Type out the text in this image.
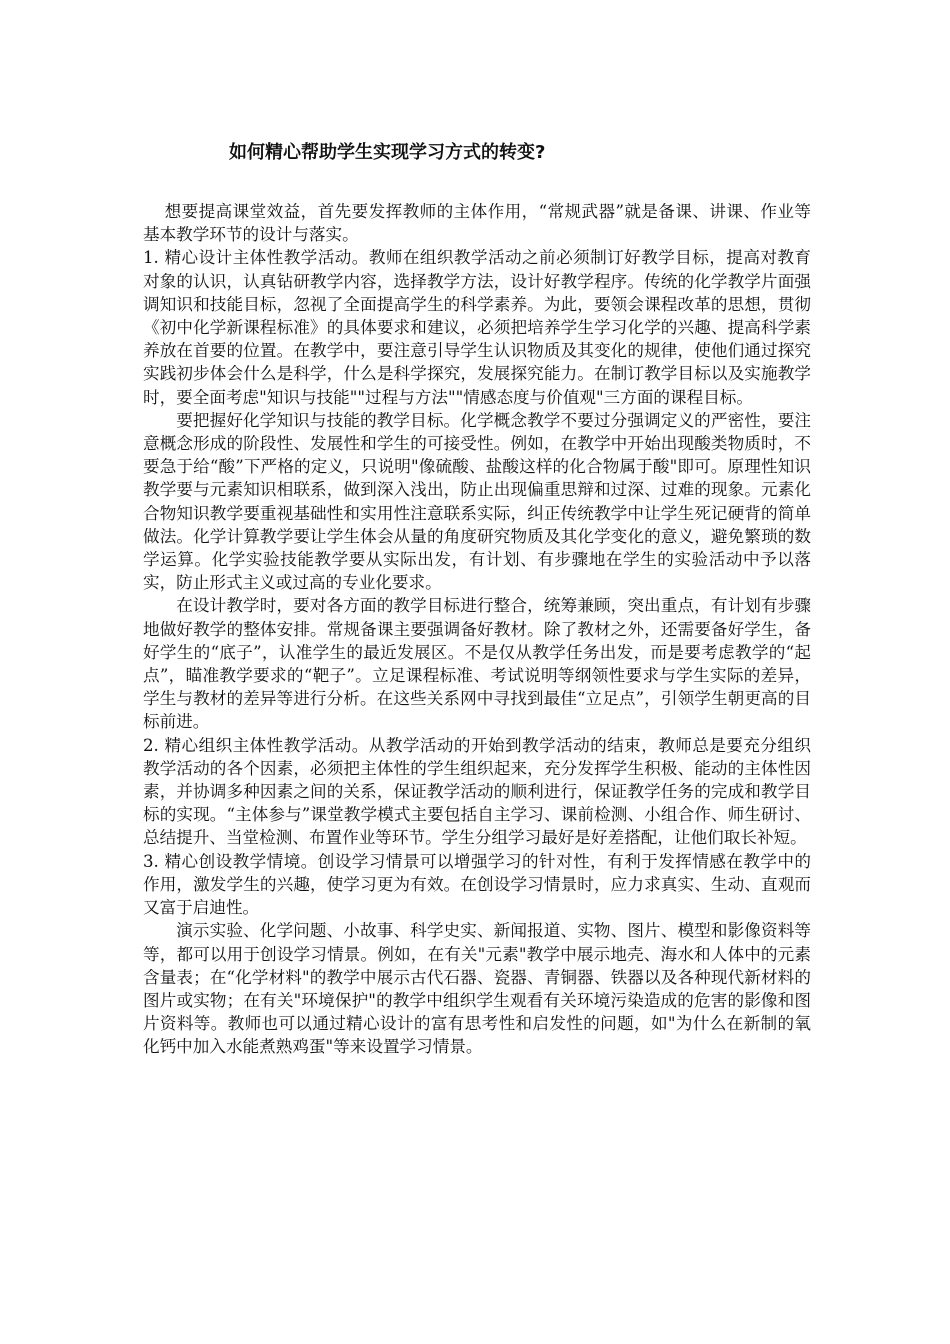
如何精心帮助学生实现学习方式的转变?

想要提高课堂效益，首先要发挥教师的主体作用，“常规武器”就是备课、讲课、作业等基本教学环节的设计与落实。

1. 精心设计主体性教学活动。教师在组织教学活动之前必须制订好教学目标，提高对教育对象的认识，认真钻研教学内容，选择教学方法，设计好教学程序。传统的化学教学片面强调知识和技能目标，忽视了全面提高学生的科学素养。为此，要领会课程改革的思想，贯彻《初中化学新课程标准》的具体要求和建议，必须把培养学生学习化学的兴趣、提高科学素养放在首要的位置。在教学中，要注意引导学生认识物质及其变化的规律，使他们通过探究实践初步体会什么是科学，什么是科学探究，发展探究能力。在制订教学目标以及实施教学时，要全面考虑"知识与技能""过程与方法""情感态度与价值观"三方面的课程目标。

要把握好化学知识与技能的教学目标。化学概念教学不要过分强调定义的严密性，要注意概念形成的阶段性、发展性和学生的可接受性。例如，在教学中开始出现酸类物质时，不要急于给“酸”下严格的定义，只说明"像硫酸、盐酸这样的化合物属于酸"即可。原理性知识教学要与元素知识相联系，做到深入浅出，防止出现偏重思辩和过深、过难的现象。元素化合物知识教学要重视基础性和实用性注意联系实际，纠正传统教学中让学生死记硬背的简单做法。化学计算教学要让学生体会从量的角度研究物质及其化学变化的意义，避免繁琐的数学运算。化学实验技能教学要从实际出发，有计划、有步骤地在学生的实验活动中予以落实，防止形式主义或过高的专业化要求。

在设计教学时，要对各方面的教学目标进行整合，统筹兼顾，突出重点，有计划有步骤地做好教学的整体安排。常规备课主要强调备好教材。除了教材之外，还需要备好学生，备好学生的“底子”，认准学生的最近发展区。不是仅从教学任务出发，而是要考虑教学的“起点”，瞄准教学要求的“靶子”。立足课程标准、考试说明等纲领性要求与学生实际的差异，学生与教材的差异等进行分析。在这些关系网中寻找到最佳“立足点”，引领学生朝更高的目标前进。

2. 精心组织主体性教学活动。从教学活动的开始到教学活动的结束，教师总是要充分组织教学活动的各个因素，必须把主体性的学生组织起来，充分发挥学生积极、能动的主体性因素，并协调多种因素之间的关系，保证教学活动的顺利进行，保证教学任务的完成和教学目标的实现。“主体参与”课堂教学模式主要包括自主学习、课前检测、小组合作、师生研讨、总结提升、当堂检测、布置作业等环节。学生分组学习最好是好差搭配，让他们取长补短。

3. 精心创设教学情境。创设学习情景可以增强学习的针对性，有利于发挥情感在教学中的作用，激发学生的兴趣，使学习更为有效。在创设学习情景时，应力求真实、生动、直观而又富于启迪性。

演示实验、化学问题、小故事、科学史实、新闻报道、实物、图片、模型和影像资料等等，都可以用于创设学习情景。例如，在有关"元素"教学中展示地壳、海水和人体中的元素含量表；在“化学材料"的教学中展示古代石器、瓷器、青铜器、铁器以及各种现代新材料的图片或实物；在有关"环境保护"的教学中组织学生观看有关环境污染造成的危害的影像和图片资料等。教师也可以通过精心设计的富有思考性和启发性的问题，如"为什么在新制的氧化钙中加入水能煮熟鸡蛋"等来设置学习情景。
